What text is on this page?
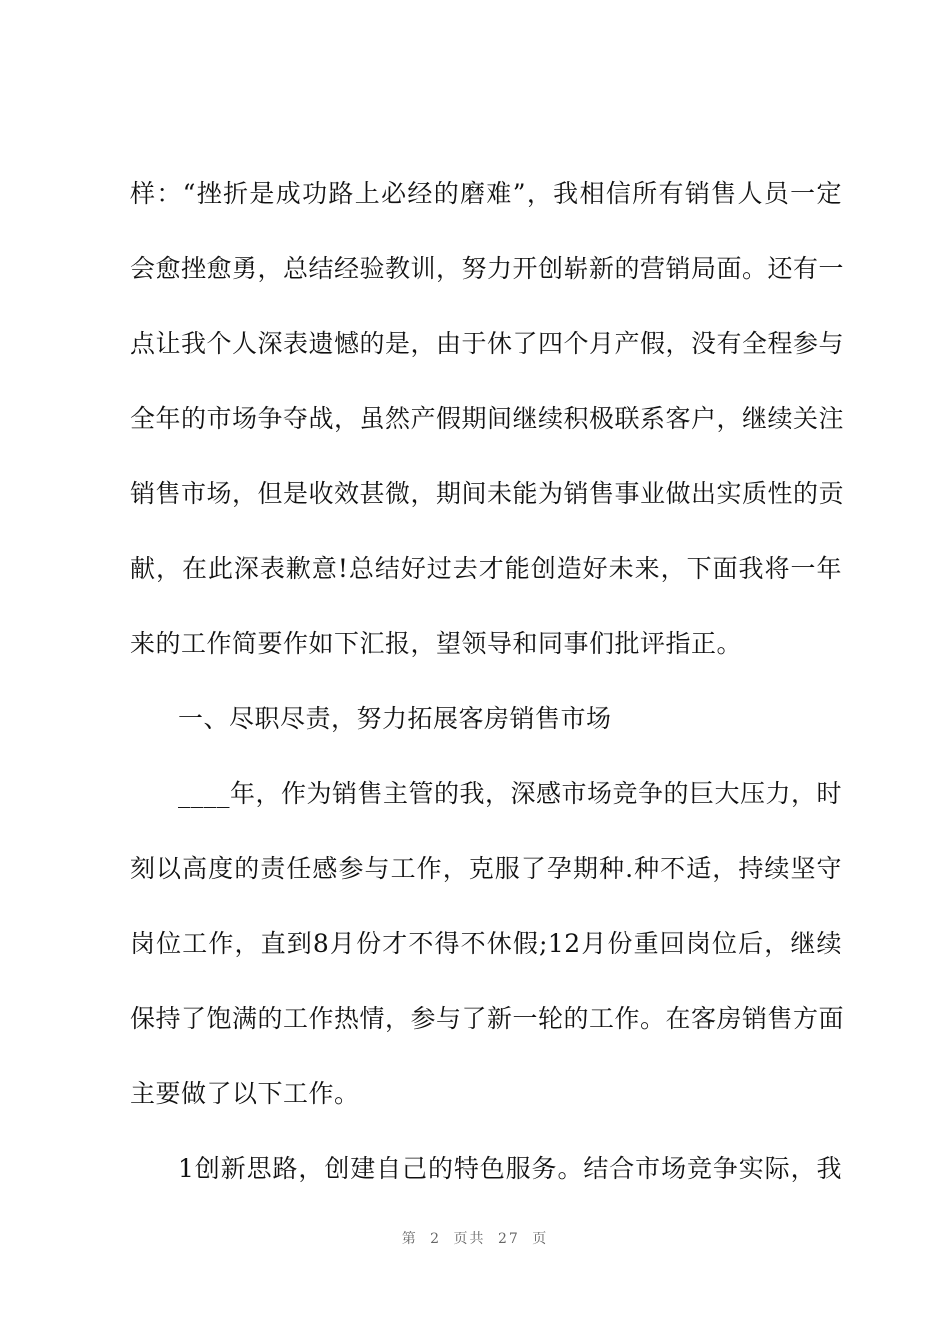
样：“挫折是成功路上必经的磨难”，我相信所有销售人员一定
会愈挫愈勇，总结经验教训，努力开创崭新的营销局面。还有一
点让我个人深表遗憾的是，由于休了四个月产假，没有全程参与
全年的市场争夺战，虽然产假期间继续积极联系客户，继续关注
销售市场，但是收效甚微，期间未能为销售事业做出实质性的贡
献，在此深表歉意!总结好过去才能创造好未来，下面我将一年
来的工作简要作如下汇报，望领导和同事们批评指正。
一、尽职尽责，努力拓展客房销售市场
____年，作为销售主管的我，深感市场竞争的巨大压力，时
刻以高度的责任感参与工作，克服了孕期种.种不适，持续坚守
岗位工作，直到8月份才不得不休假;12月份重回岗位后，继续
保持了饱满的工作热情，参与了新一轮的工作。在客房销售方面
主要做了以下工作。
1创新思路，创建自己的特色服务。结合市场竞争实际，我
第 2 页共 27 页
